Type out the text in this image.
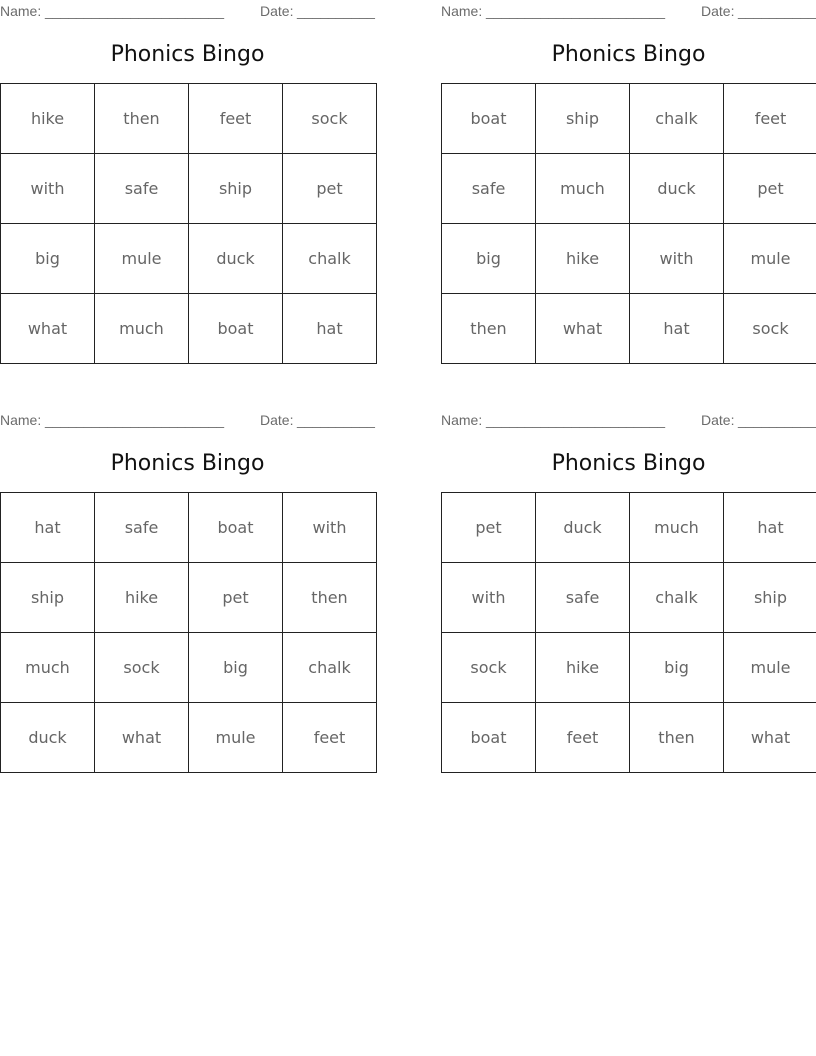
Name: _______________________	Date: __________
Phonics Bingo
hike	then	feet	sock
with	safe	ship	pet
big	mule	duck	chalk
what	much	boat	hat
Name: _______________________	Date: __________
Phonics Bingo
boat	ship	chalk	feet
safe	much	duck	pet
big	hike	with	mule
then	what	hat	sock
Name: _______________________	Date: __________
Phonics Bingo
hat	safe	boat	with
ship	hike	pet	then
much	sock	big	chalk
duck	what	mule	feet
Name: _______________________	Date: __________
Phonics Bingo
pet	duck	much	hat
with	safe	chalk	ship
sock	hike	big	mule
boat	feet	then	what
